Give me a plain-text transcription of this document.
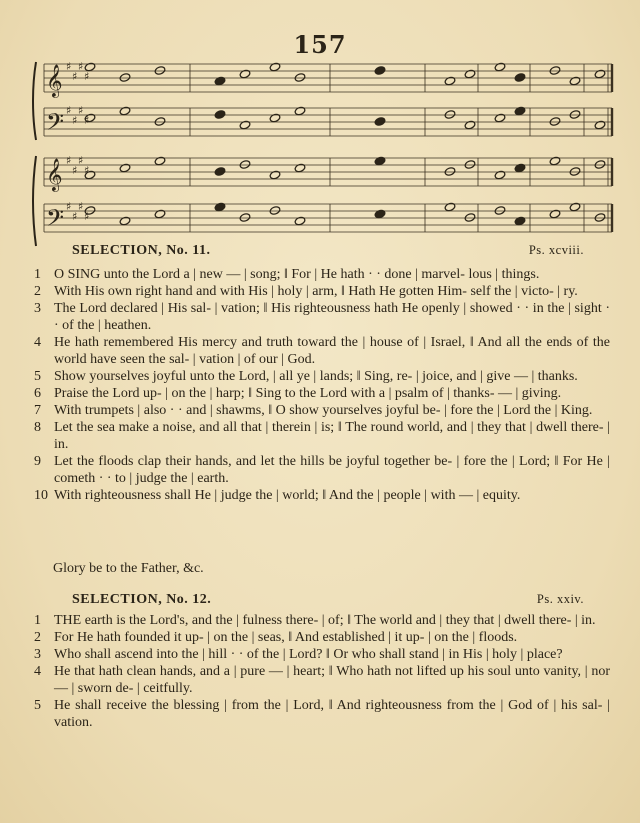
157
𝄞 ♯
♯
♯
♯
𝄢 ♯
♯
♯
♯
𝄞 ♯
♯
♯
♯
𝄢 ♯
♯
♯
♯
SELECTION, No. 11.	Ps. xcviii.

1 O SING unto the Lord a | new — | song; ‖ For | He hath · · done | marvel- lous | things.

2 With His own right hand and with His | holy | arm, ‖ Hath He gotten Him- self the | victo- | ry.

3 The Lord declared | His sal- | vation; ‖ His righteousness hath He openly | showed · · in the | sight · · of the | heathen.

4 He hath remembered His mercy and truth toward the | house of | Israel, ‖ And all the ends of the world have seen the sal- | vation | of our | God.

5 Show yourselves joyful unto the Lord, | all ye | lands; ‖ Sing, re- | joice, and | give — | thanks.

6 Praise the Lord up- | on the | harp; ‖ Sing to the Lord with a | psalm of | thanks- — | giving.

7 With trumpets | also · · and | shawms, ‖ O show yourselves joyful be- | fore the | Lord the | King.

8 Let the sea make a noise, and all that | therein | is; ‖ The round world, and | they that | dwell there- | in.

9 Let the floods clap their hands, and let the hills be joyful together be- | fore the | Lord; ‖ For He | cometh · · to | judge the | earth.

10 With righteousness shall He | judge the | world; ‖ And the | people | with — | equity.

Glory be to the Father, &c.
SELECTION, No. 12.	Ps. xxiv.

1 THE earth is the Lord's, and the | fulness there- | of; ‖ The world and | they that | dwell there- | in.

2 For He hath founded it up- | on the | seas, ‖ And established | it up- | on the | floods.

3 Who shall ascend into the | hill · · of the | Lord? ‖ Or who shall stand | in His | holy | place?

4 He that hath clean hands, and a | pure — | heart; ‖ Who hath not lifted up his soul unto vanity, | nor — | sworn de- | ceitfully.

5 He shall receive the blessing | from the | Lord, ‖ And righteousness from the | God of | his sal- | vation.
